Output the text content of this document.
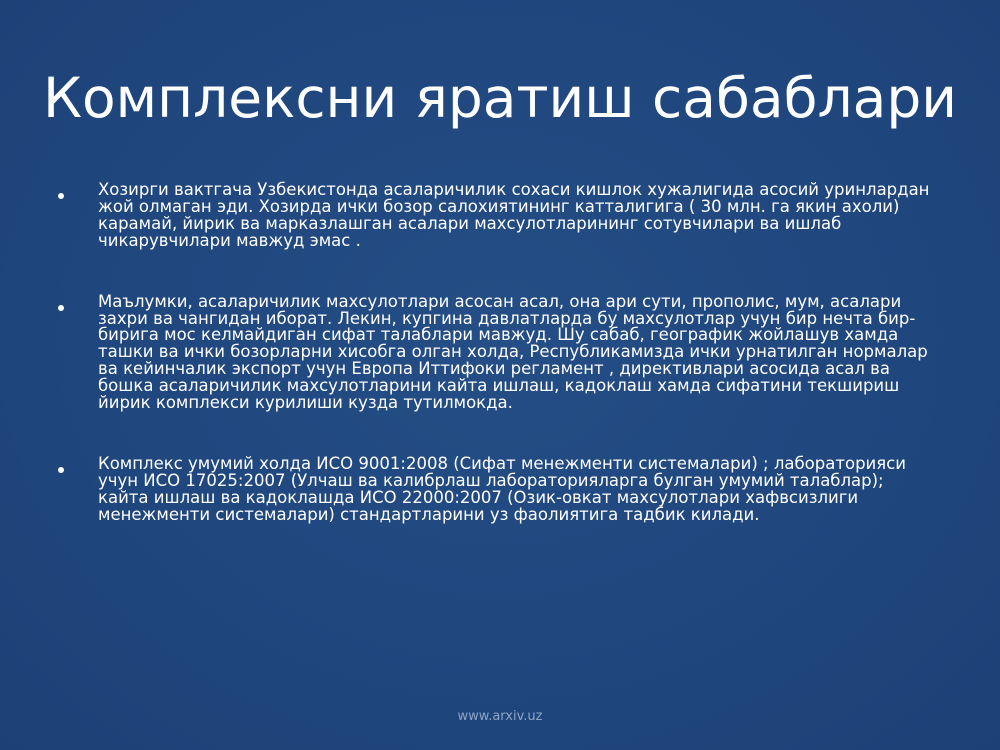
Комплексни яратиш сабаблари
Хозирги вактгача Узбекистонда асаларичилик сохаси кишлок хужалигида асосий уринлардан жой олмаган эди. Хозирда ички бозор салохиятининг катталигига ( 30 млн. га якин ахоли) карамай, йирик ва марказлашган асалари махсулотларининг сотувчилари ва ишлаб чикарувчилари мавжуд эмас .
Маълумки, асаларичилик махсулотлари асосан асал, она ари сути, прополис, мум, асалари захри ва чангидан иборат. Лекин, купгина давлатларда бу махсулотлар учун бир нечта бир-бирига мос келмайдиган сифат талаблари мавжуд. Шу сабаб, географик жойлашув хамда ташки ва ички бозорларни хисобга олган холда, Республикамизда ички урнатилган нормалар ва кейинчалик экспорт учун Европа Иттифоки регламент , директивлари асосида асал ва бошка асаларичилик махсулотларини кайта ишлаш, кадоклаш хамда сифатини текшириш йирик комплекси курилиши кузда тутилмокда.
Комплекс умумий холда ИСО 9001:2008 (Сифат менежменти системалари) ; лабораторияси учун ИСО 17025:2007 (Улчаш ва калибрлаш лабораторияларга булган умумий талаблар); кайта ишлаш ва кадоклашда ИСО 22000:2007 (Озик-овкат махсулотлари хафвсизлиги менежменти системалари) стандартларини уз фаолиятига тадбик килади.
www.arxiv.uz
